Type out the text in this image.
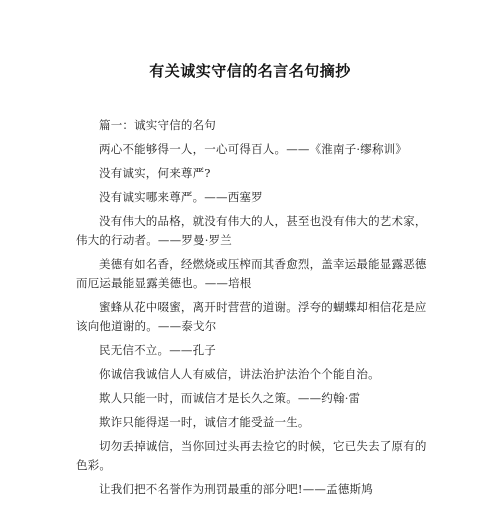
有关诚实守信的名言名句摘抄

篇一：诚实守信的名句

两心不能够得一人，一心可得百人。——《淮南子·缪称训》

没有诚实，何来尊严?

没有诚实哪来尊严。——西塞罗

没有伟大的品格，就没有伟大的人，甚至也没有伟大的艺术家，伟大的行动者。——罗曼·罗兰

美德有如名香，经燃烧或压榨而其香愈烈，盖幸运最能显露恶德而厄运最能显露美德也。——培根

蜜蜂从花中啜蜜，离开时营营的道谢。浮夸的蝴蝶却相信花是应该向他道谢的。——泰戈尔

民无信不立。——孔子

你诚信我诚信人人有威信，讲法治护法治个个能自治。

欺人只能一时，而诚信才是长久之策。——约翰·雷

欺诈只能得逞一时，诚信才能受益一生。

切勿丢掉诚信，当你回过头再去捡它的时候，它已失去了原有的色彩。

让我们把不名誉作为刑罚最重的部分吧!——孟德斯鸠
